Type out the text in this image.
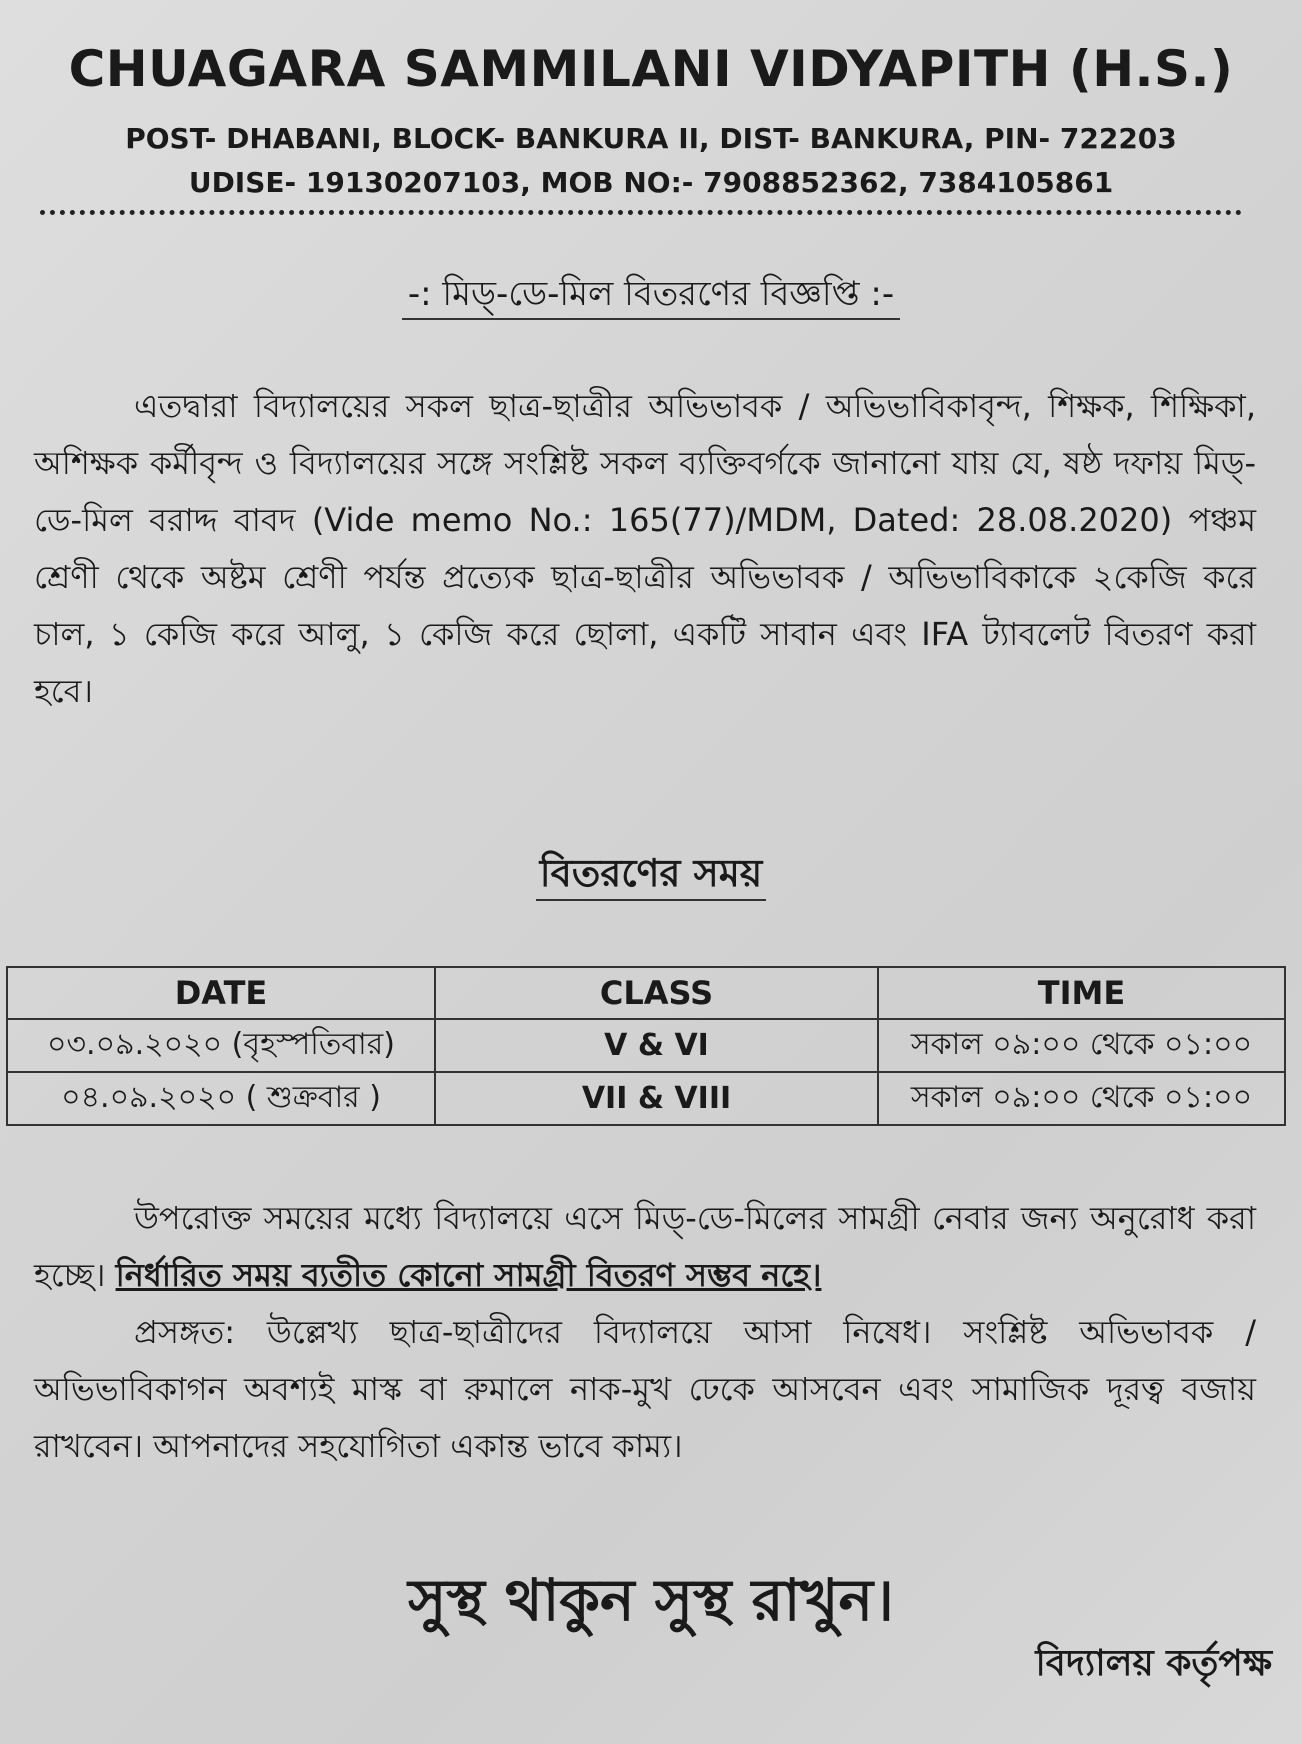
CHUAGARA SAMMILANI VIDYAPITH (H.S.)
POST- DHABANI, BLOCK- BANKURA II, DIST- BANKURA, PIN- 722203
UDISE- 19130207103, MOB NO:- 7908852362, 7384105861
-: মিড্-ডে-মিল বিতরণের বিজ্ঞপ্তি :-

এতদ্বারা বিদ্যালয়ের সকল ছাত্র-ছাত্রীর অভিভাবক / অভিভাবিকাবৃন্দ, শিক্ষক, শিক্ষিকা, অশিক্ষক কর্মীবৃন্দ ও বিদ্যালয়ের সঙ্গে সংশ্লিষ্ট সকল ব্যক্তিবর্গকে জানানো যায় যে, ষষ্ঠ দফায় মিড্-ডে-মিল বরাদ্দ বাবদ (Vide memo No.: 165(77)/MDM, Dated: 28.08.2020) পঞ্চম শ্রেণী থেকে অষ্টম শ্রেণী পর্যন্ত প্রত্যেক ছাত্র-ছাত্রীর অভিভাবক / অভিভাবিকাকে ২কেজি করে চাল, ১ কেজি করে আলু, ১ কেজি করে ছোলা, একটি সাবান এবং IFA ট্যাবলেট বিতরণ করা হবে।

বিতরণের সময়
DATE	CLASS	TIME
০৩.০৯.২০২০ (বৃহস্পতিবার)	V & VI	সকাল ০৯:০০ থেকে ০১:০০
০৪.০৯.২০২০ ( শুক্রবার )	VII & VIII	সকাল ০৯:০০ থেকে ০১:০০

উপরোক্ত সময়ের মধ্যে বিদ্যালয়ে এসে মিড্-ডে-মিলের সামগ্রী নেবার জন্য অনুরোধ করা হচ্ছে। নির্ধারিত সময় ব্যতীত কোনো সামগ্রী বিতরণ সম্ভব নহে।

প্রসঙ্গত: উল্লেখ্য ছাত্র-ছাত্রীদের বিদ্যালয়ে আসা নিষেধ। সংশ্লিষ্ট অভিভাবক / অভিভাবিকাগন অবশ্যই মাস্ক বা রুমালে নাক-মুখ ঢেকে আসবেন এবং সামাজিক দূরত্ব বজায় রাখবেন। আপনাদের সহযোগিতা একান্ত ভাবে কাম্য।

সুস্থ থাকুন সুস্থ রাখুন।
বিদ্যালয় কর্তৃপক্ষ
